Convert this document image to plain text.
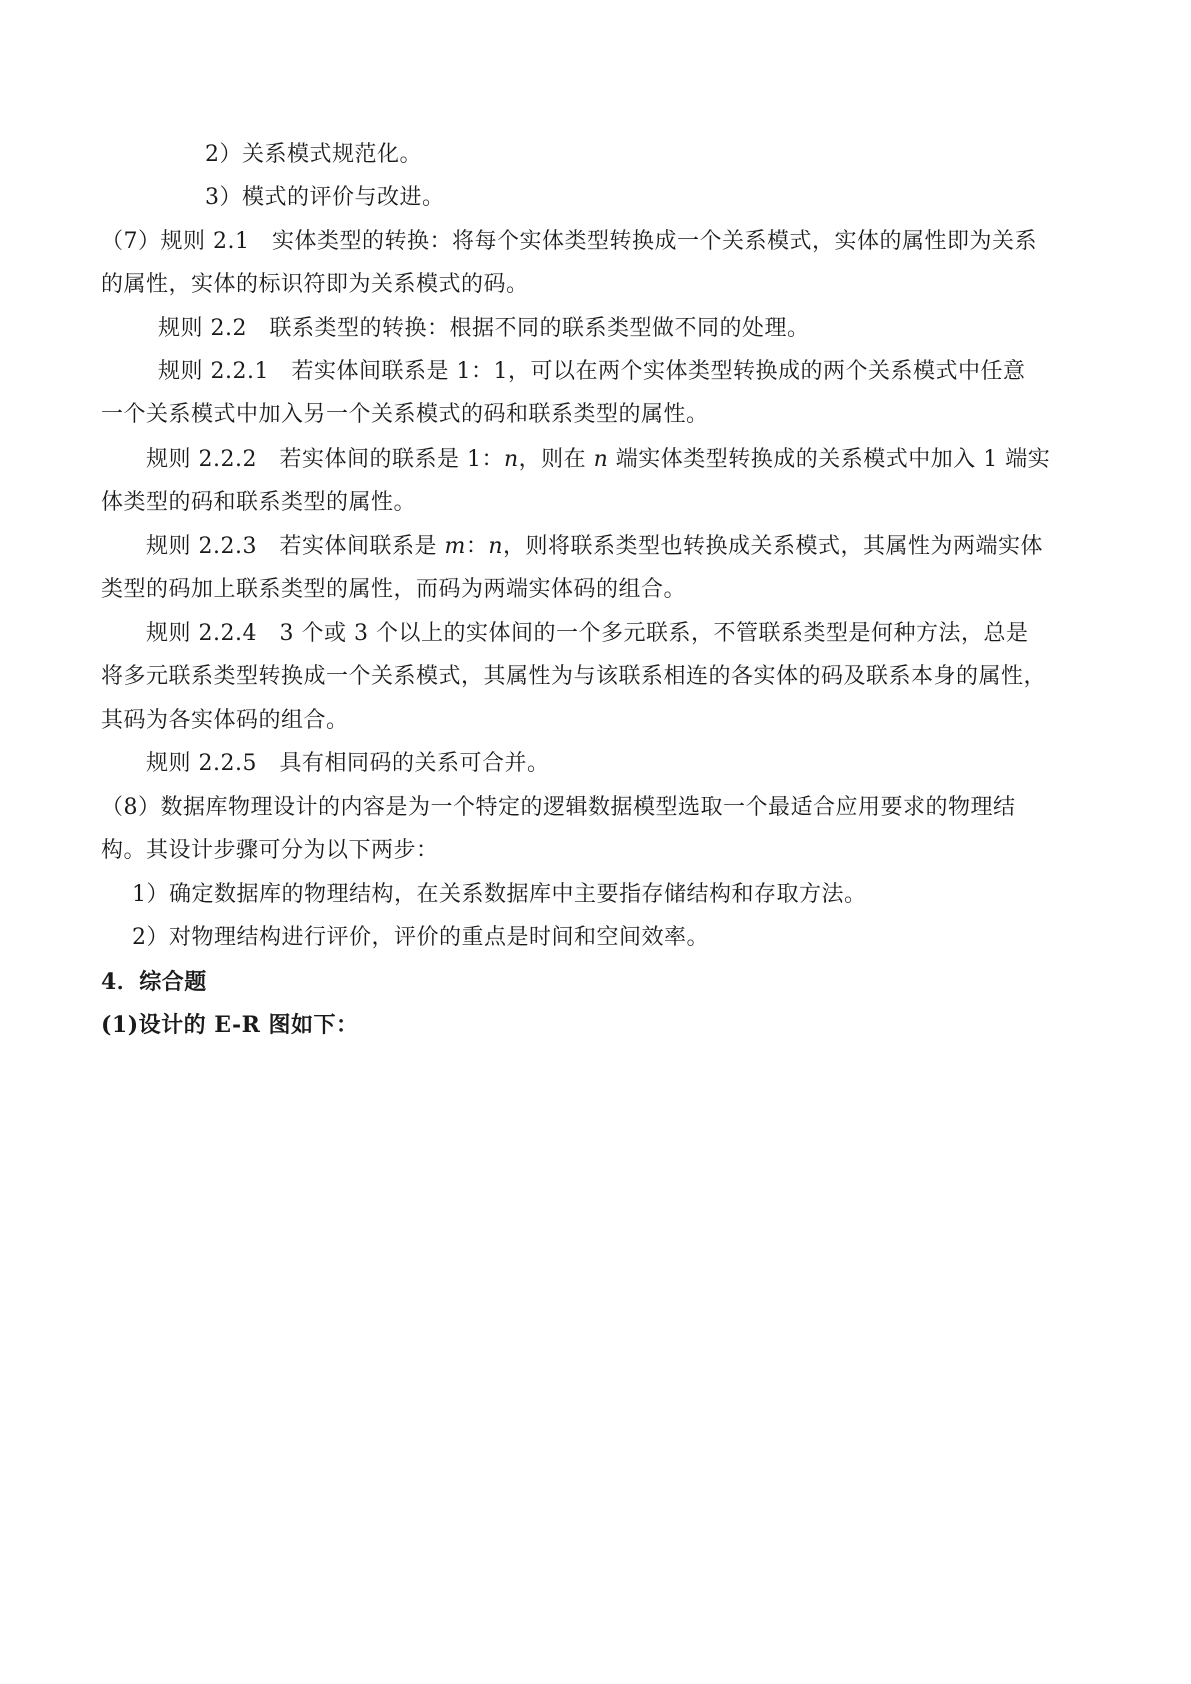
2）关系模式规范化。
3）模式的评价与改进。
（7）规则 2.1　实体类型的转换：将每个实体类型转换成一个关系模式，实体的属性即为关系
的属性，实体的标识符即为关系模式的码。
规则 2.2　联系类型的转换：根据不同的联系类型做不同的处理。
规则 2.2.1　若实体间联系是 1：1，可以在两个实体类型转换成的两个关系模式中任意
一个关系模式中加入另一个关系模式的码和联系类型的属性。
规则 2.2.2　若实体间的联系是 1：n，则在 n 端实体类型转换成的关系模式中加入 1 端实
体类型的码和联系类型的属性。
规则 2.2.3　若实体间联系是 m：n，则将联系类型也转换成关系模式，其属性为两端实体
类型的码加上联系类型的属性，而码为两端实体码的组合。
规则 2.2.4　3 个或 3 个以上的实体间的一个多元联系，不管联系类型是何种方法，总是
将多元联系类型转换成一个关系模式，其属性为与该联系相连的各实体的码及联系本身的属性，
其码为各实体码的组合。
规则 2.2.5　具有相同码的关系可合并。
（8）数据库物理设计的内容是为一个特定的逻辑数据模型选取一个最适合应用要求的物理结
构。其设计步骤可分为以下两步：
1）确定数据库的物理结构，在关系数据库中主要指存储结构和存取方法。
2）对物理结构进行评价，评价的重点是时间和空间效率。
4．综合题
(1)设计的 E-R 图如下：
